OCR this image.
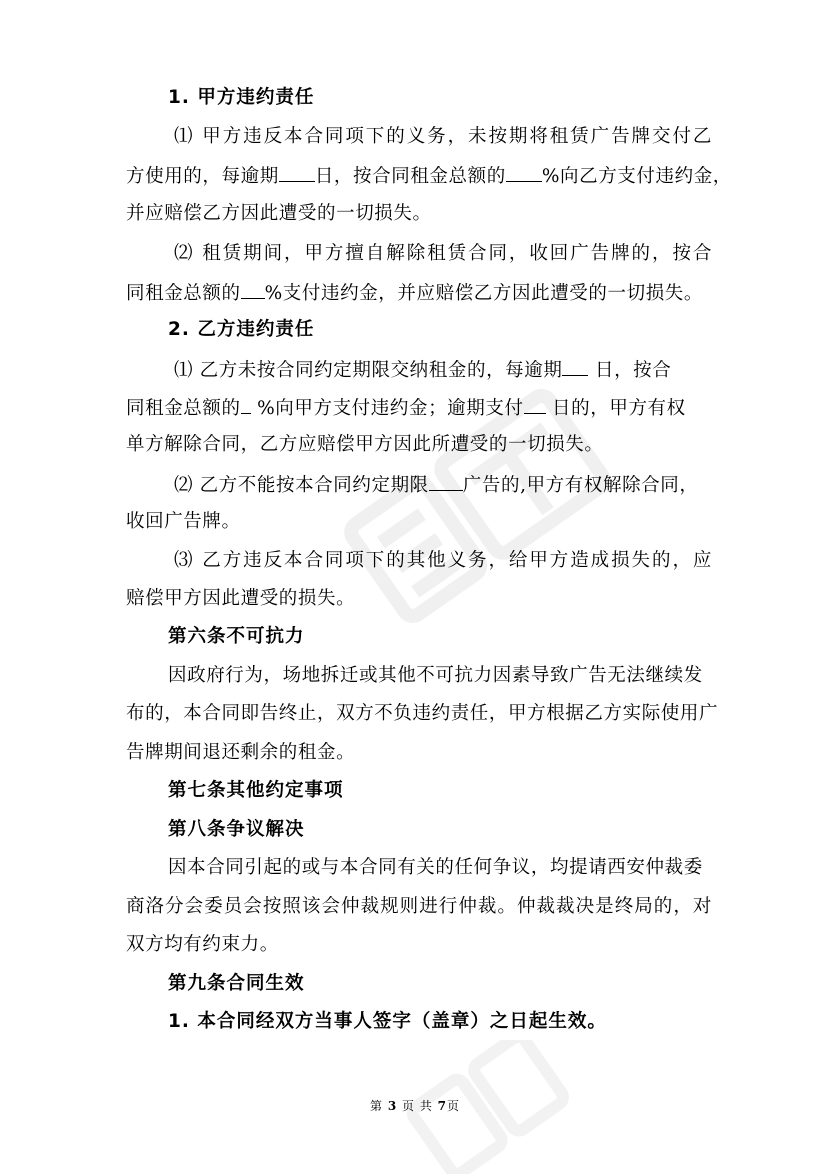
1. 甲方违约责任
⑴ 甲方违反本合同项下的义务，未按期将租赁广告牌交付乙
方使用的，每逾期 日，按合同租金总额的 %向乙方支付违约金，
并应赔偿乙方因此遭受的一切损失。
⑵ 租赁期间，甲方擅自解除租赁合同，收回广告牌的，按合
同租金总额的 %支付违约金，并应赔偿乙方因此遭受的一切损失。
2. 乙方违约责任
⑴ 乙方未按合同约定期限交纳租金的，每逾期 日，按合
同租金总额的 %向甲方支付违约金；逾期支付 日的，甲方有权
单方解除合同，乙方应赔偿甲方因此所遭受的一切损失。
⑵ 乙方不能按本合同约定期限 广告的,甲方有权解除合同，
收回广告牌。
⑶ 乙方违反本合同项下的其他义务，给甲方造成损失的，应
赔偿甲方因此遭受的损失。
第六条不可抗力
因政府行为，场地拆迁或其他不可抗力因素导致广告无法继续发
布的，本合同即告终止，双方不负违约责任，甲方根据乙方实际使用广
告牌期间退还剩余的租金。
第七条其他约定事项
第八条争议解决
因本合同引起的或与本合同有关的任何争议，均提请西安仲裁委
商洛分会委员会按照该会仲裁规则进行仲裁。仲裁裁决是终局的，对
双方均有约束力。
第九条合同生效
1. 本合同经双方当事人签字（盖章）之日起生效。
第 3 页 共 7页
